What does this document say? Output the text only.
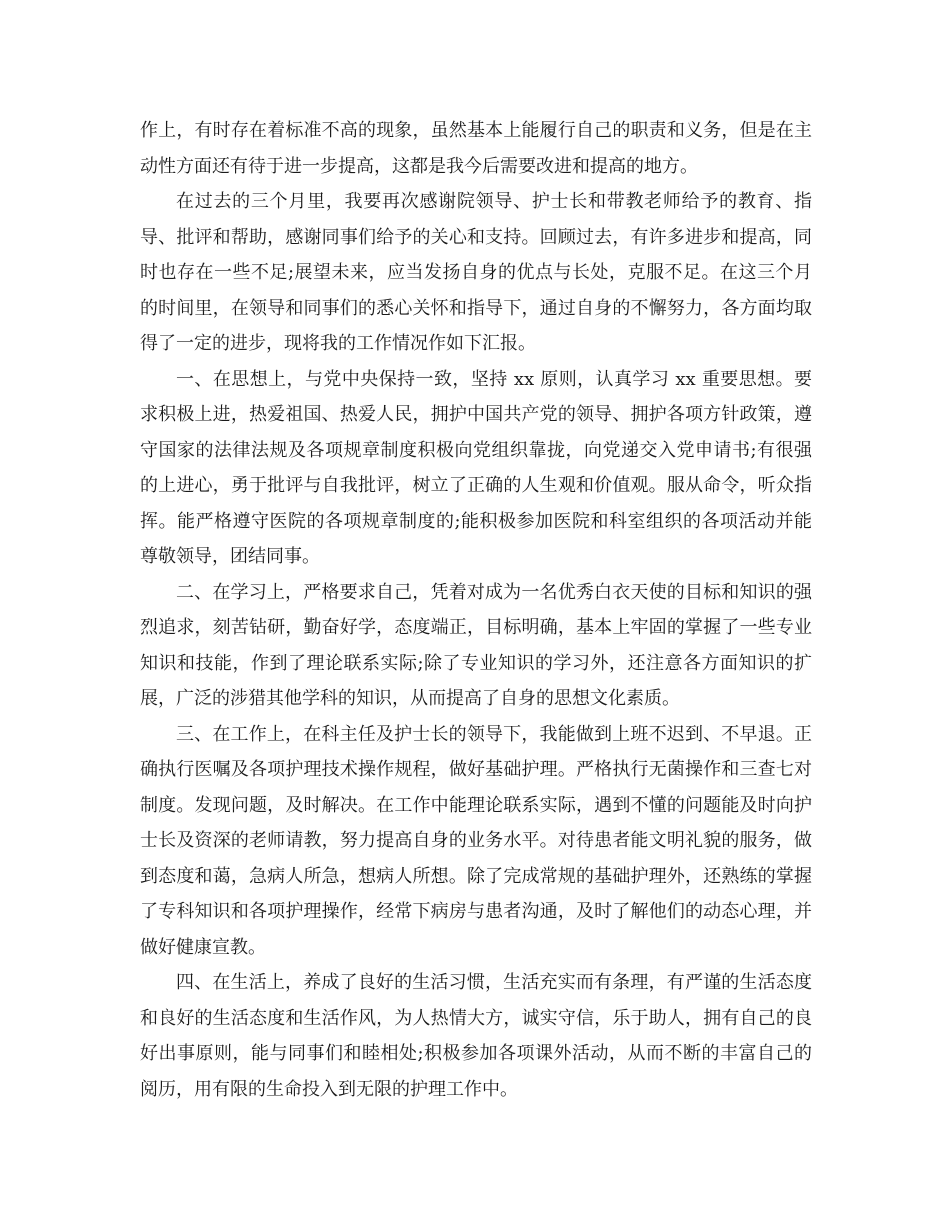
作上，有时存在着标准不高的现象，虽然基本上能履行自己的职责和义务，但是在主动性方面还有待于进一步提高，这都是我今后需要改进和提高的地方。

在过去的三个月里，我要再次感谢院领导、护士长和带教老师给予的教育、指导、批评和帮助，感谢同事们给予的关心和支持。回顾过去，有许多进步和提高，同时也存在一些不足;展望未来，应当发扬自身的优点与长处，克服不足。在这三个月的时间里，在领导和同事们的悉心关怀和指导下，通过自身的不懈努力，各方面均取得了一定的进步，现将我的工作情况作如下汇报。

一、在思想上，与党中央保持一致，坚持 xx 原则，认真学习 xx 重要思想。要求积极上进，热爱祖国、热爱人民，拥护中国共产党的领导、拥护各项方针政策，遵守国家的法律法规及各项规章制度积极向党组织靠拢，向党递交入党申请书;有很强的上进心，勇于批评与自我批评，树立了正确的人生观和价值观。服从命令，听众指挥。能严格遵守医院的各项规章制度的;能积极参加医院和科室组织的各项活动并能尊敬领导，团结同事。

二、在学习上，严格要求自己，凭着对成为一名优秀白衣天使的目标和知识的强烈追求，刻苦钻研，勤奋好学，态度端正，目标明确，基本上牢固的掌握了一些专业知识和技能，作到了理论联系实际;除了专业知识的学习外，还注意各方面知识的扩展，广泛的涉猎其他学科的知识，从而提高了自身的思想文化素质。

三、在工作上，在科主任及护士长的领导下，我能做到上班不迟到、不早退。正确执行医嘱及各项护理技术操作规程，做好基础护理。严格执行无菌操作和三查七对制度。发现问题，及时解决。在工作中能理论联系实际，遇到不懂的问题能及时向护士长及资深的老师请教，努力提高自身的业务水平。对待患者能文明礼貌的服务，做到态度和蔼，急病人所急，想病人所想。除了完成常规的基础护理外，还熟练的掌握了专科知识和各项护理操作，经常下病房与患者沟通，及时了解他们的动态心理，并做好健康宣教。

四、在生活上，养成了良好的生活习惯，生活充实而有条理，有严谨的生活态度和良好的生活态度和生活作风，为人热情大方，诚实守信，乐于助人，拥有自己的良好出事原则，能与同事们和睦相处;积极参加各项课外活动，从而不断的丰富自己的阅历，用有限的生命投入到无限的护理工作中。
